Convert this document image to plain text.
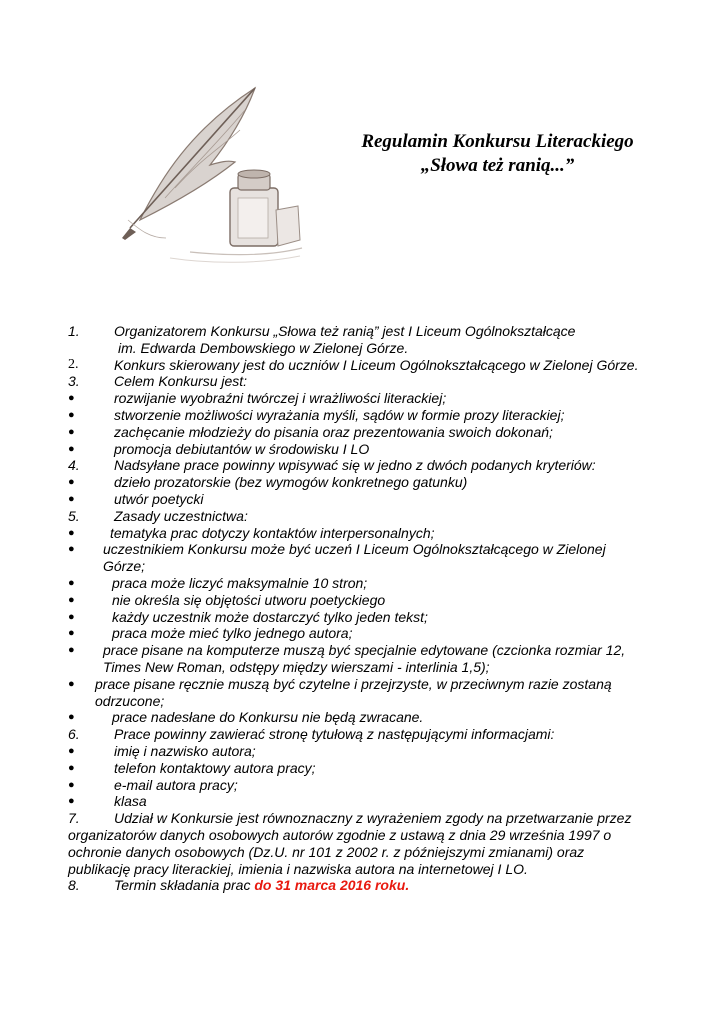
Regulamin Konkursu Literackiego
„Słowa też ranią...”
1. Organizatorem Konkursu „Słowa też ranią” jest I Liceum Ogólnokształcące
im. Edwarda Dembowskiego w Zielonej Górze.
2.	Konkurs skierowany jest do uczniów I Liceum Ogólnokształcącego w Zielonej Górze.
3. Celem Konkursu jest:
●	rozwijanie wyobraźni twórczej i wrażliwości literackiej;
●	stworzenie możliwości wyrażania myśli, sądów w formie prozy literackiej;
●	zachęcanie młodzieży do pisania oraz prezentowania swoich dokonań;
●	promocja debiutantów w środowisku I LO
4. Nadsyłane prace powinny wpisywać się w jedno z dwóch podanych kryteriów:
●	dzieło prozatorskie (bez wymogów konkretnego gatunku)
●	utwór poetycki
5. Zasady uczestnictwa:
●	tematyka prac dotyczy kontaktów interpersonalnych;
● uczestnikiem Konkursu może być uczeń I Liceum Ogólnokształcącego w Zielonej
Górze;
●	praca może liczyć maksymalnie 10 stron;
●	nie określa się objętości utworu poetyckiego
●	każdy uczestnik może dostarczyć tylko jeden tekst;
●	praca może mieć tylko jednego autora;
● prace pisane na komputerze muszą być specjalnie edytowane (czcionka rozmiar 12,
Times New Roman, odstępy między wierszami - interlinia 1,5);
● prace pisane ręcznie muszą być czytelne i przejrzyste, w przeciwnym razie zostaną
odrzucone;
●	prace nadesłane do Konkursu nie będą zwracane.
6. Prace powinny zawierać stronę tytułową z następującymi informacjami:
●	imię i nazwisko autora;
●	telefon kontaktowy autora pracy;
●	e-mail autora pracy;
●	klasa
7. Udział w Konkursie jest równoznaczny z wyrażeniem zgody na przetwarzanie przez
organizatorów danych osobowych autorów zgodnie z ustawą z dnia 29 września 1997 o
ochronie danych osobowych (Dz.U. nr 101 z 2002 r. z późniejszymi zmianami) oraz
publikację pracy literackiej, imienia i nazwiska autora na internetowej I LO.
8. Termin składania prac do 31 marca 2016 roku.
